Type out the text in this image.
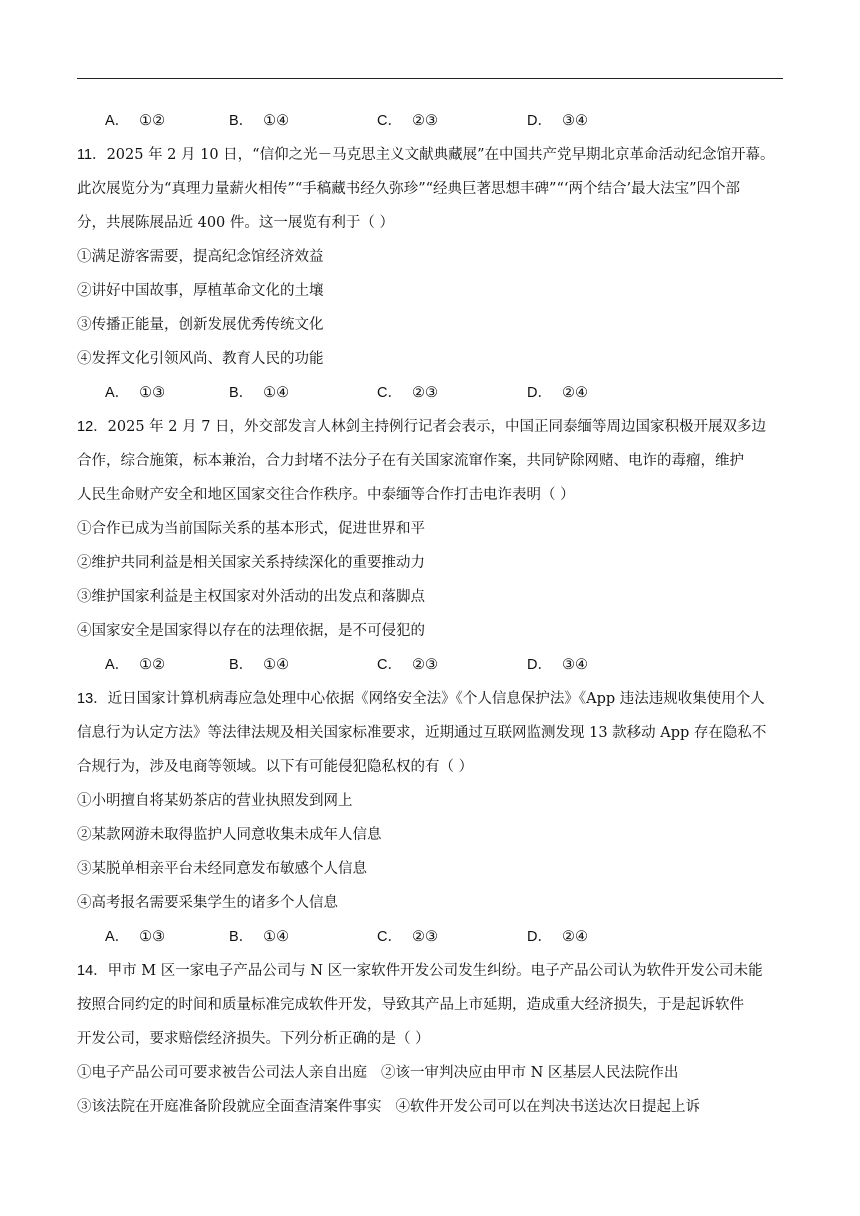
A． ①②	B． ①④	C． ②③	D． ③④
11．2025 年 2 月 10 日，“信仰之光－马克思主义文献典藏展”在中国共产党早期北京革命活动纪念馆开幕。
此次展览分为“真理力量薪火相传”“手稿藏书经久弥珍”“经典巨著思想丰碑”“‘两个结合’最大法宝”四个部
分，共展陈展品近 400 件。这一展览有利于（ ）
①满足游客需要，提高纪念馆经济效益
②讲好中国故事，厚植革命文化的土壤
③传播正能量，创新发展优秀传统文化
④发挥文化引领风尚、教育人民的功能
A． ①③	B． ①④	C． ②③	D． ②④
12．2025 年 2 月 7 日，外交部发言人林剑主持例行记者会表示，中国正同泰缅等周边国家积极开展双多边
合作，综合施策，标本兼治，合力封堵不法分子在有关国家流窜作案，共同铲除网赌、电诈的毒瘤，维护
人民生命财产安全和地区国家交往合作秩序。中泰缅等合作打击电诈表明（ ）
①合作已成为当前国际关系的基本形式，促进世界和平
②维护共同利益是相关国家关系持续深化的重要推动力
③维护国家利益是主权国家对外活动的出发点和落脚点
④国家安全是国家得以存在的法理依据，是不可侵犯的
A． ①②	B． ①④	C． ②③	D． ③④
13．近日国家计算机病毒应急处理中心依据《网络安全法》《个人信息保护法》《App 违法违规收集使用个人
信息行为认定方法》等法律法规及相关国家标准要求，近期通过互联网监测发现 13 款移动 App 存在隐私不
合规行为，涉及电商等领域。以下有可能侵犯隐私权的有（ ）
①小明擅自将某奶茶店的营业执照发到网上
②某款网游未取得监护人同意收集未成年人信息
③某脱单相亲平台未经同意发布敏感个人信息
④高考报名需要采集学生的诸多个人信息
A． ①③	B． ①④	C． ②③	D． ②④
14．甲市 M 区一家电子产品公司与 N 区一家软件开发公司发生纠纷。电子产品公司认为软件开发公司未能
按照合同约定的时间和质量标准完成软件开发，导致其产品上市延期，造成重大经济损失，于是起诉软件
开发公司，要求赔偿经济损失。下列分析正确的是（ ）
①电子产品公司可要求被告公司法人亲自出庭 ②该一审判决应由甲市 N 区基层人民法院作出
③该法院在开庭准备阶段就应全面查清案件事实 ④软件开发公司可以在判决书送达次日提起上诉
